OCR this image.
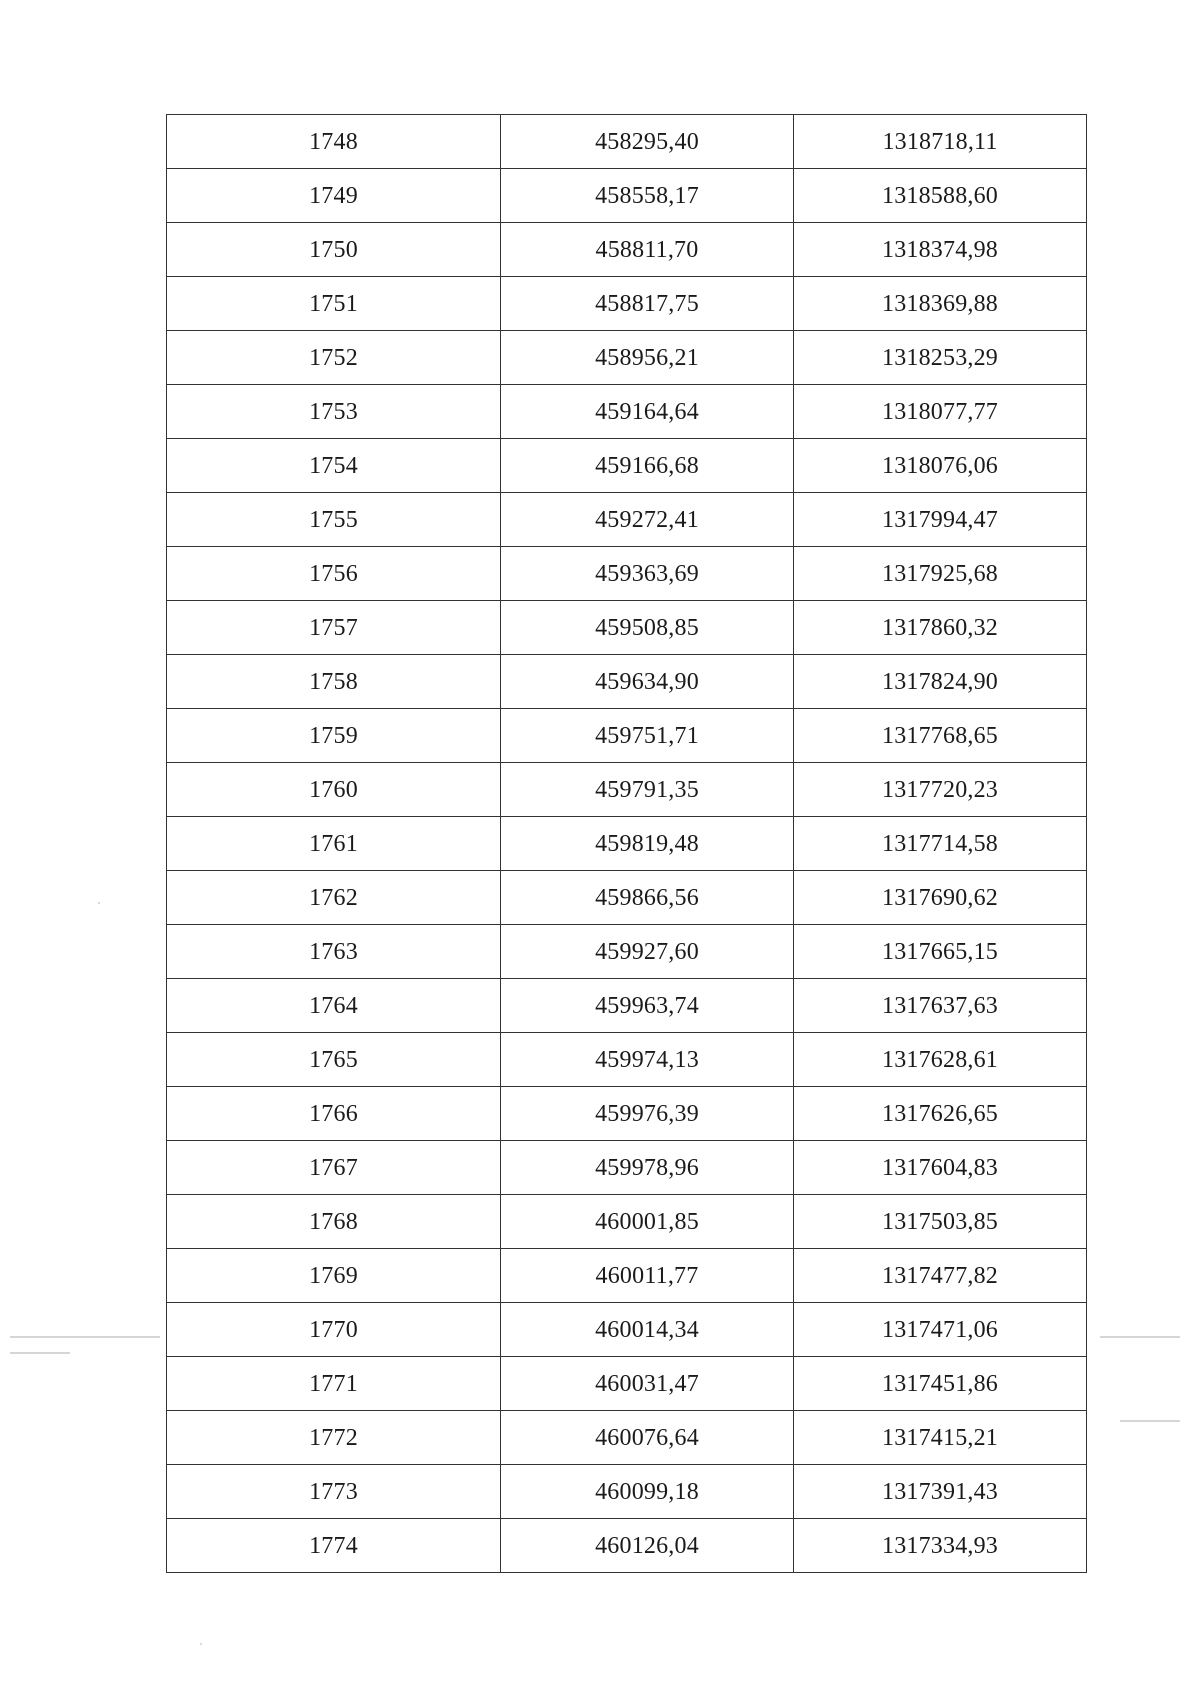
1748	458295,40	1318718,11
1749	458558,17	1318588,60
1750	458811,70	1318374,98
1751	458817,75	1318369,88
1752	458956,21	1318253,29
1753	459164,64	1318077,77
1754	459166,68	1318076,06
1755	459272,41	1317994,47
1756	459363,69	1317925,68
1757	459508,85	1317860,32
1758	459634,90	1317824,90
1759	459751,71	1317768,65
1760	459791,35	1317720,23
1761	459819,48	1317714,58
1762	459866,56	1317690,62
1763	459927,60	1317665,15
1764	459963,74	1317637,63
1765	459974,13	1317628,61
1766	459976,39	1317626,65
1767	459978,96	1317604,83
1768	460001,85	1317503,85
1769	460011,77	1317477,82
1770	460014,34	1317471,06
1771	460031,47	1317451,86
1772	460076,64	1317415,21
1773	460099,18	1317391,43
1774	460126,04	1317334,93
